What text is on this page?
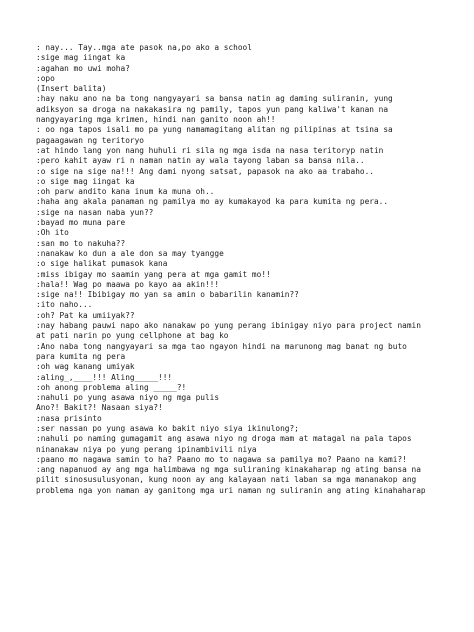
: nay... Tay..mga ate pasok na,po ako a school
:sige mag iingat ka
:agahan mo uwi moha?
:opo
(Insert balita)
:hay naku ano na ba tong nangyayari sa bansa natin ag daming suliranin, yung
adiksyon sa droga na nakakasira ng pamily, tapos yun pang kaliwa't kanan na
nangyayaring mga krimen, hindi nan ganito noon ah!!
: oo nga tapos isali mo pa yung namamagitang alitan ng pilipinas at tsina sa
pagaagawan ng teritoryo
:at hindo lang yon nang huhuli ri sila ng mga isda na nasa teritoryp natin
:pero kahit ayaw ri n naman natin ay wala tayong laban sa bansa nila..
:o sige na sige na!!! Ang dami nyong satsat, papasok na ako aa trabaho..
:o sige mag iingat ka
:oh parw andito kana inum ka muna oh..
:haha ang akala panaman ng pamilya mo ay kumakayod ka para kumita ng pera..
:sige na nasan naba yun??
:bayad mo muna pare
:Oh ito
:san mo to nakuha??
:nanakaw ko dun a ale don sa may tyangge
:o sige halikat pumasok kana
:miss ibigay mo saamin yang pera at mga gamit mo!!
:hala!! Wag po maawa po kayo aa akin!!!
:sige na!! Ibibigay mo yan sa amin o babarilin kanamin??
:ito naho...
:oh? Pat ka umiiyak??
:nay habang pauwi napo ako nanakaw po yung perang ibinigay niyo para project namin
at pati narin po yung cellphone at bag ko
:Ano naba tong nangyayari sa mga tao ngayon hindi na marunong mag banat ng buto
para kumita ng pera
:oh wag kanang umiyak
:aling_,____!!! Aling_____!!!
:oh anong problema aling _____?!
:nahuli po yung asawa niyo ng mga pulis
Ano?! Bakit?! Nasaan siya?!
:nasa prisinto
:ser nassan po yung asawa ko bakit niyo siya ikinulong?;
:nahuli po naming gumagamit ang asawa niyo ng droga mam at matagal na pala tapos
ninanakaw niya po yung perang ipinambivili niya
:paano mo nagawa samin to ha? Paano mo to nagawa sa pamilya mo? Paano na kami?!
:ang napanuod ay ang mga halimbawa ng mga suliraning kinakaharap ng ating bansa na
pilit sinosusulusyonan, kung noon ay ang kalayaan nati laban sa mga mananakop ang
problema nga yon naman ay ganitong mga uri naman ng suliranin ang ating kinahaharap
